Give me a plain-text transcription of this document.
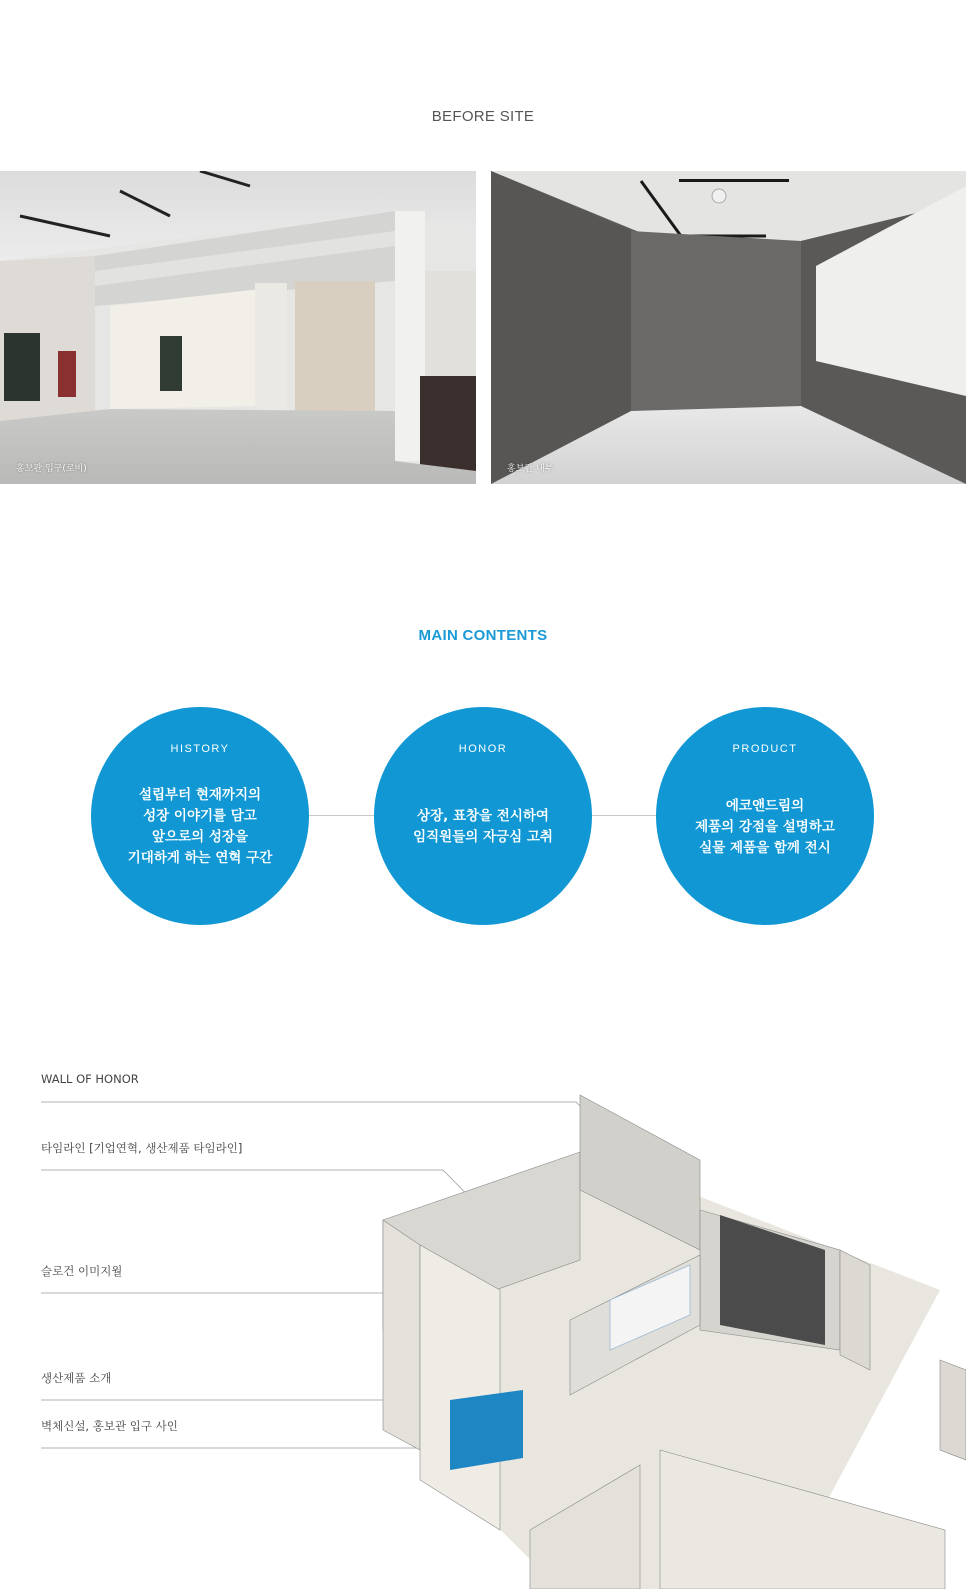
BEFORE SITE
홍보관 입구(로비)	홍보관 내부
MAIN CONTENTS
HISTORY
설립부터 현재까지의
성장 이야기를 담고
앞으로의 성장을
기대하게 하는 연혁 구간
HONOR
상장, 표창을 전시하여
임직원들의 자긍심 고취
PRODUCT
에코앤드림의
제품의 강점을 설명하고
실물 제품을 함께 전시
WALL OF HONOR
타임라인 [기업연혁, 생산제품 타임라인]
슬로건 이미지월
생산제품 소개
벽체신설, 홍보관 입구 사인
